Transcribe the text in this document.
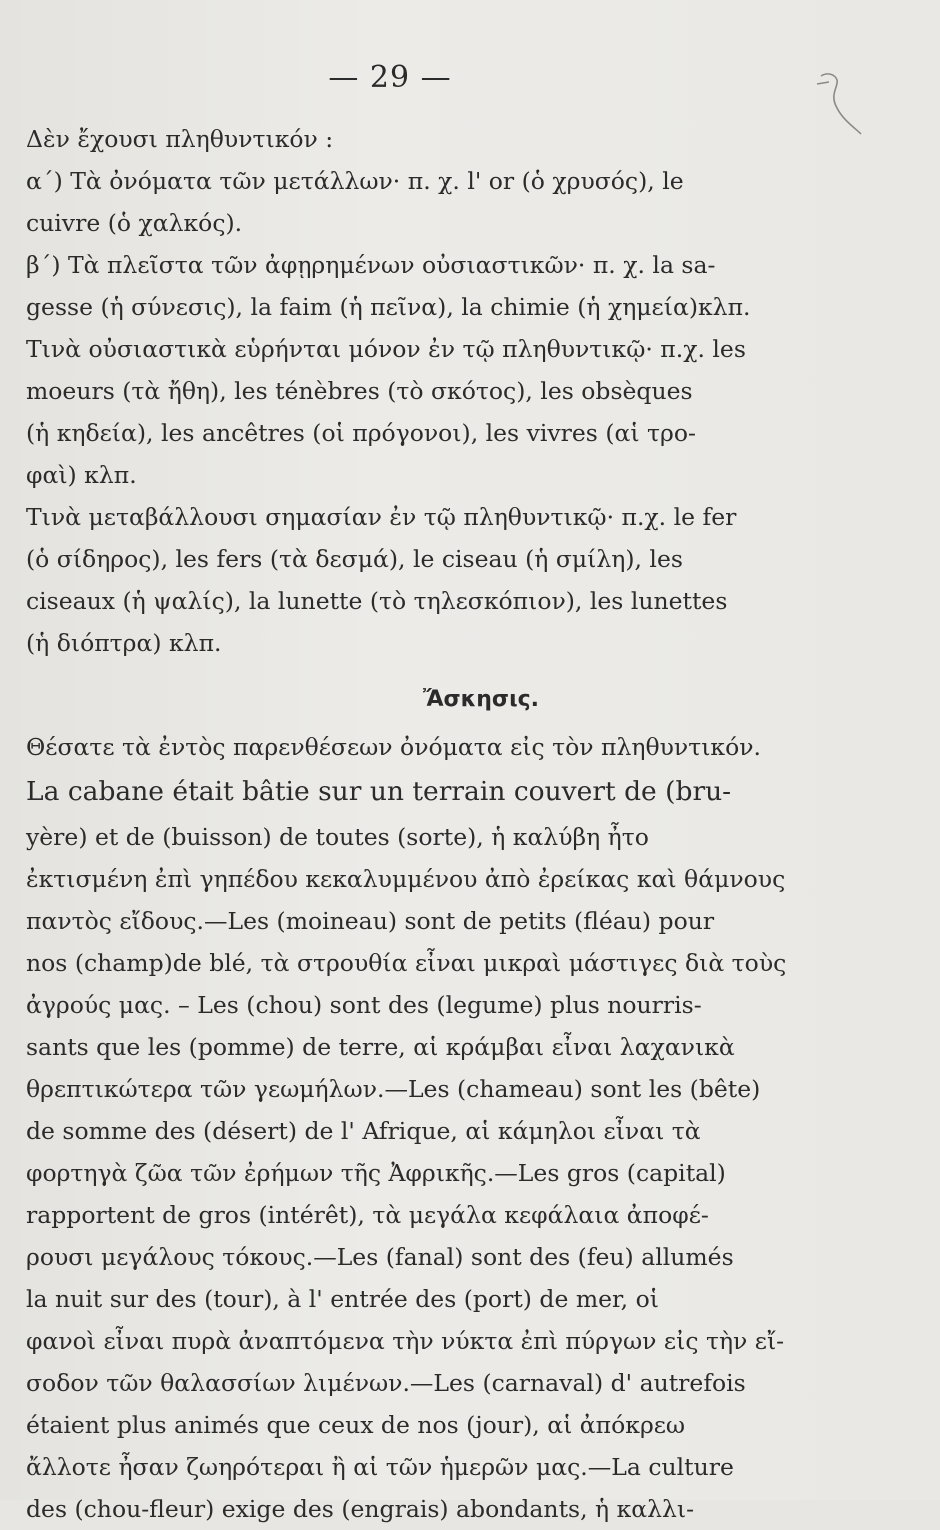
— 29 —
Δὲν ἔχουσι πληθυντικόν :
α΄) Τὰ ὀνόματα τῶν μετάλλων· π. χ. l' or (ὁ χρυσός), le
cuivre (ὁ χαλκός).
β΄) Τὰ πλεῖστα τῶν ἀφῃρημένων οὐσιαστικῶν· π. χ. la sa-
gesse (ἡ σύνεσις), la faim (ἡ πεῖνα), la chimie (ἡ χημεία)κλπ.
Τινὰ οὐσιαστικὰ εὑρήνται μόνον ἐν τῷ πληθυντικῷ· π.χ. les
moeurs (τὰ ἤθη), les ténèbres (τὸ σκότος), les obsèques
(ἡ κηδεία), les ancêtres (οἱ πρόγονοι), les vivres (αἱ τρο-
φαὶ) κλπ.
Τινὰ μεταβάλλουσι σημασίαν ἐν τῷ πληθυντικῷ· π.χ. le fer
(ὁ σίδηρος), les fers (τὰ δεσμά), le ciseau (ἡ σμίλη), les
ciseaux (ἡ ψαλίς), la lunette (τὸ τηλεσκόπιον), les lunettes
(ἡ διόπτρα) κλπ.
Ἄσκησις.
Θέσατε τὰ ἐντὸς παρενθέσεων ὀνόματα εἰς τὸν πληθυντικόν.
La cabane était bâtie sur un terrain couvert de (bru-
yère) et de (buisson) de toutes (sorte), ἡ καλύβη ἦτο
ἐκτισμένη ἐπὶ γηπέδου κεκαλυμμένου ἀπὸ ἐρείκας καὶ θάμνους
παντὸς εἴδους.—Les (moineau) sont de petits (fléau) pour
nos (champ)de blé, τὰ στρουθία εἶναι μικραὶ μάστιγες διὰ τοὺς
ἀγρούς μας. – Les (chou) sont des (legume) plus nourris-
sants que les (pomme) de terre, αἱ κράμβαι εἶναι λαχανικὰ
θρεπτικώτερα τῶν γεωμήλων.—Les (chameau) sont les (bête)
de somme des (désert) de l' Afrique, αἱ κάμηλοι εἶναι τὰ
φορτηγὰ ζῶα τῶν ἐρήμων τῆς Ἀφρικῆς.—Les gros (capital)
rapportent de gros (intérêt), τὰ μεγάλα κεφάλαια ἀποφέ-
ρουσι μεγάλους τόκους.—Les (fanal) sont des (feu) allumés
la nuit sur des (tour), à l' entrée des (port) de mer, οἱ
φανοὶ εἶναι πυρὰ ἀναπτόμενα τὴν νύκτα ἐπὶ πύργων εἰς τὴν εἴ-
σοδον τῶν θαλασσίων λιμένων.—Les (carnaval) d' autrefois
étaient plus animés que ceux de nos (jour), αἱ ἀπόκρεω
ἄλλοτε ἦσαν ζωηρότεραι ἢ αἱ τῶν ἡμερῶν μας.—La culture
des (chou-fleur) exige des (engrais) abondants, ἡ καλλι-
